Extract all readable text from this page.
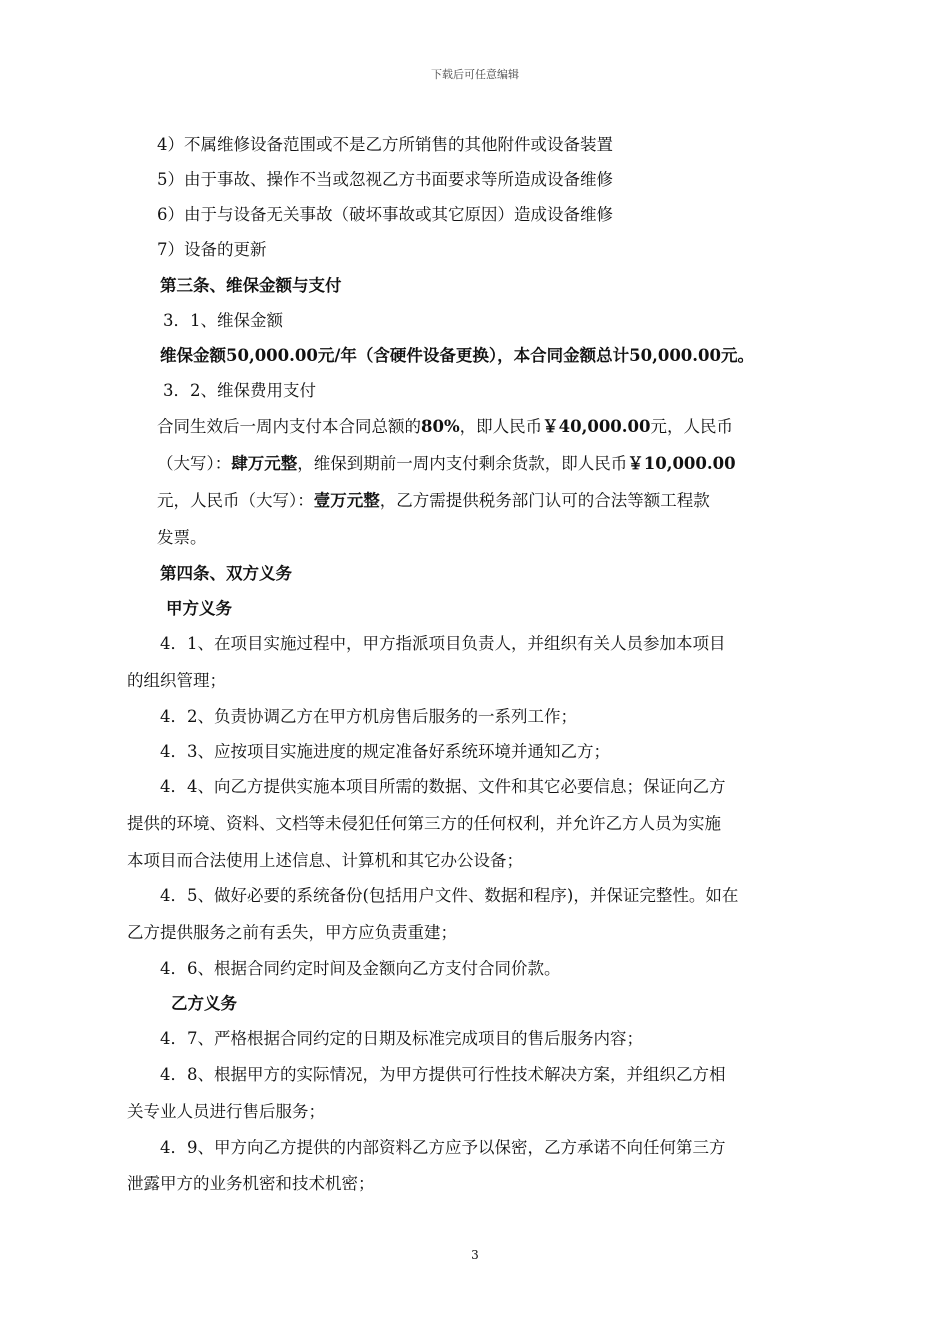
下载后可任意编辑
4）不属维修设备范围或不是乙方所销售的其他附件或设备装置
5）由于事故、操作不当或忽视乙方书面要求等所造成设备维修
6）由于与设备无关事故（破坏事故或其它原因）造成设备维修
7）设备的更新
第三条、维保金额与支付
3．1、维保金额
维保金额50,000.00元/年（含硬件设备更换），本合同金额总计50,000.00元。
3．2、维保费用支付
合同生效后一周内支付本合同总额的80%，即人民币￥40,000.00元，人民币
（大写）：肆万元整，维保到期前一周内支付剩余货款，即人民币￥10,000.00
元，人民币（大写）：壹万元整，乙方需提供税务部门认可的合法等额工程款
发票。
第四条、双方义务
甲方义务
4．1、在项目实施过程中，甲方指派项目负责人，并组织有关人员参加本项目
的组织管理；
4．2、负责协调乙方在甲方机房售后服务的一系列工作；
4．3、应按项目实施进度的规定准备好系统环境并通知乙方；
4．4、向乙方提供实施本项目所需的数据、文件和其它必要信息；保证向乙方
提供的环境、资料、文档等未侵犯任何第三方的任何权利，并允许乙方人员为实施
本项目而合法使用上述信息、计算机和其它办公设备；
4．5、做好必要的系统备份(包括用户文件、数据和程序)，并保证完整性。如在
乙方提供服务之前有丢失，甲方应负责重建；
4．6、根据合同约定时间及金额向乙方支付合同价款。
乙方义务
4．7、严格根据合同约定的日期及标准完成项目的售后服务内容；
4．8、根据甲方的实际情况，为甲方提供可行性技术解决方案，并组织乙方相
关专业人员进行售后服务；
4．9、甲方向乙方提供的内部资料乙方应予以保密，乙方承诺不向任何第三方
泄露甲方的业务机密和技术机密；
3
